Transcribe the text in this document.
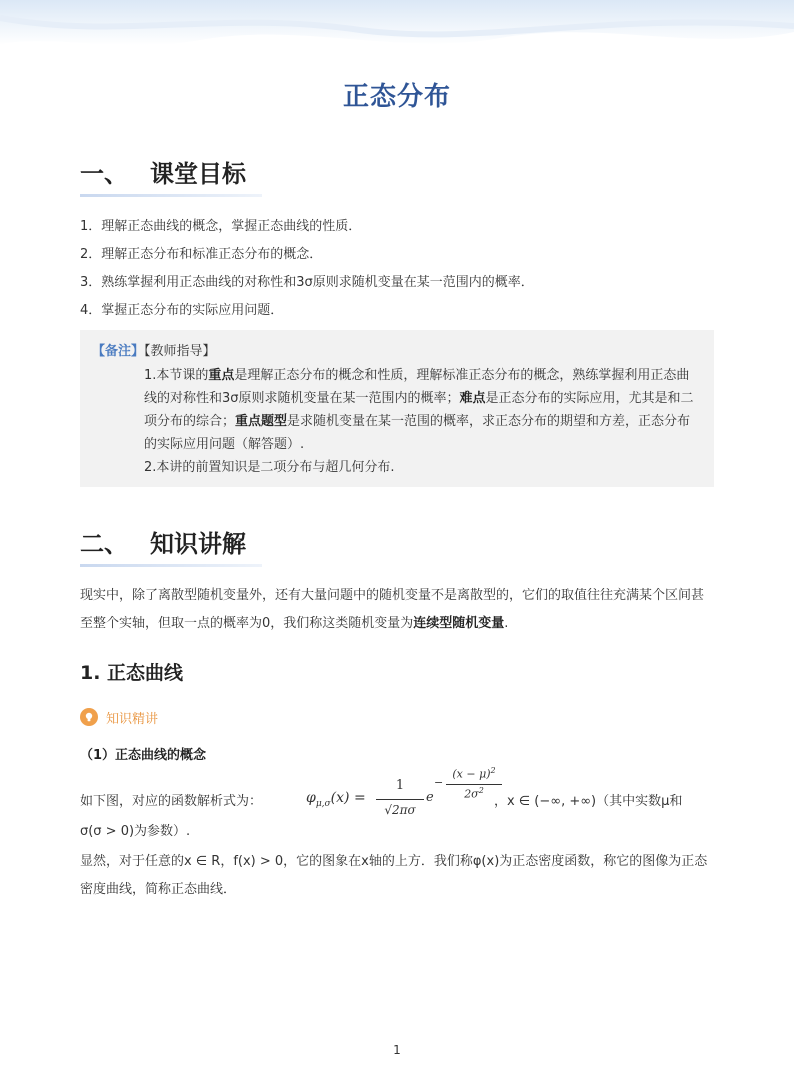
正态分布
一、 课堂目标
1．理解正态曲线的概念，掌握正态曲线的性质．
2．理解正态分布和标准正态分布的概念．
3．熟练掌握利用正态曲线的对称性和3σ原则求随机变量在某一范围内的概率．
4．掌握正态分布的实际应用问题．
【备注】【教师指导】
1.本节课的重点是理解正态分布的概念和性质，理解标准正态分布的概念，熟练掌握利用正态曲线的对称性和3σ原则求随机变量在某一范围内的概率；难点是正态分布的实际应用，尤其是和二项分布的综合；重点题型是求随机变量在某一范围的概率，求正态分布的期望和方差，正态分布的实际应用问题（解答题）.
2.本讲的前置知识是二项分布与超几何分布.
二、 知识讲解
现实中，除了离散型随机变量外，还有大量问题中的随机变量不是离散型的，它们的取值往往充满某个区间甚至整个实轴，但取一点的概率为0，我们称这类随机变量为连续型随机变量.
1. 正态曲线
知识精讲
（1）正态曲线的概念
如下图，对应的函数解析式为：	$\varphi_{\mu,\sigma}(x)$ =
1
√2πσ
e
−
$(x - \mu)^2$
$2\sigma^2$
，x ∈ (−∞, +∞)（其中实数μ和
σ(σ > 0)为参数）.
显然，对于任意的x ∈ R，f(x) > 0，它的图象在x轴的上方．我们称φ(x)为正态密度函数，称它的图像为正态密度曲线，简称正态曲线．
1
